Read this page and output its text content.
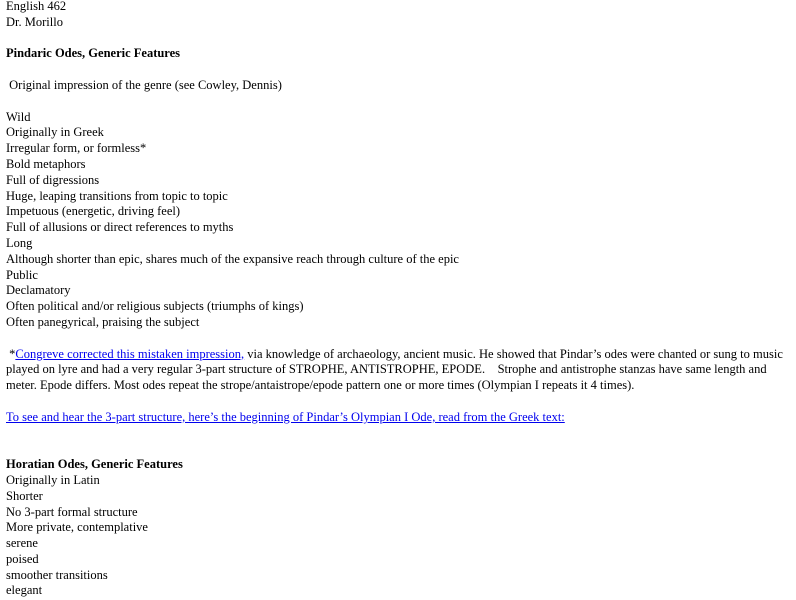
English 462
Dr. Morillo
Pindaric Odes, Generic Features
Original impression of the genre (see Cowley, Dennis)
Wild
Originally in Greek
Irregular form, or formless*
Bold metaphors
Full of digressions
Huge, leaping transitions from topic to topic
Impetuous (energetic, driving feel)
Full of allusions or direct references to myths
Long
Although shorter than epic, shares much of the expansive reach through culture of the epic
Public
Declamatory
Often political and/or religious subjects (triumphs of kings)
Often panegyrical, praising the subject
*Congreve corrected this mistaken impression, via knowledge of archaeology, ancient music. He showed that Pindar’s odes were chanted or sung to music played on lyre and had a very regular 3-part structure of STROPHE, ANTISTROPHE, EPODE.    Strophe and antistrophe stanzas have same length and meter. Epode differs. Most odes repeat the strope/antaistrope/epode pattern one or more times (Olympian I repeats it 4 times).
To see and hear the 3-part structure, here’s the beginning of Pindar’s Olympian I Ode, read from the Greek text:
Horatian Odes, Generic Features
Originally in Latin
Shorter
No 3-part formal structure
More private, contemplative
serene
poised
smoother transitions
elegant
